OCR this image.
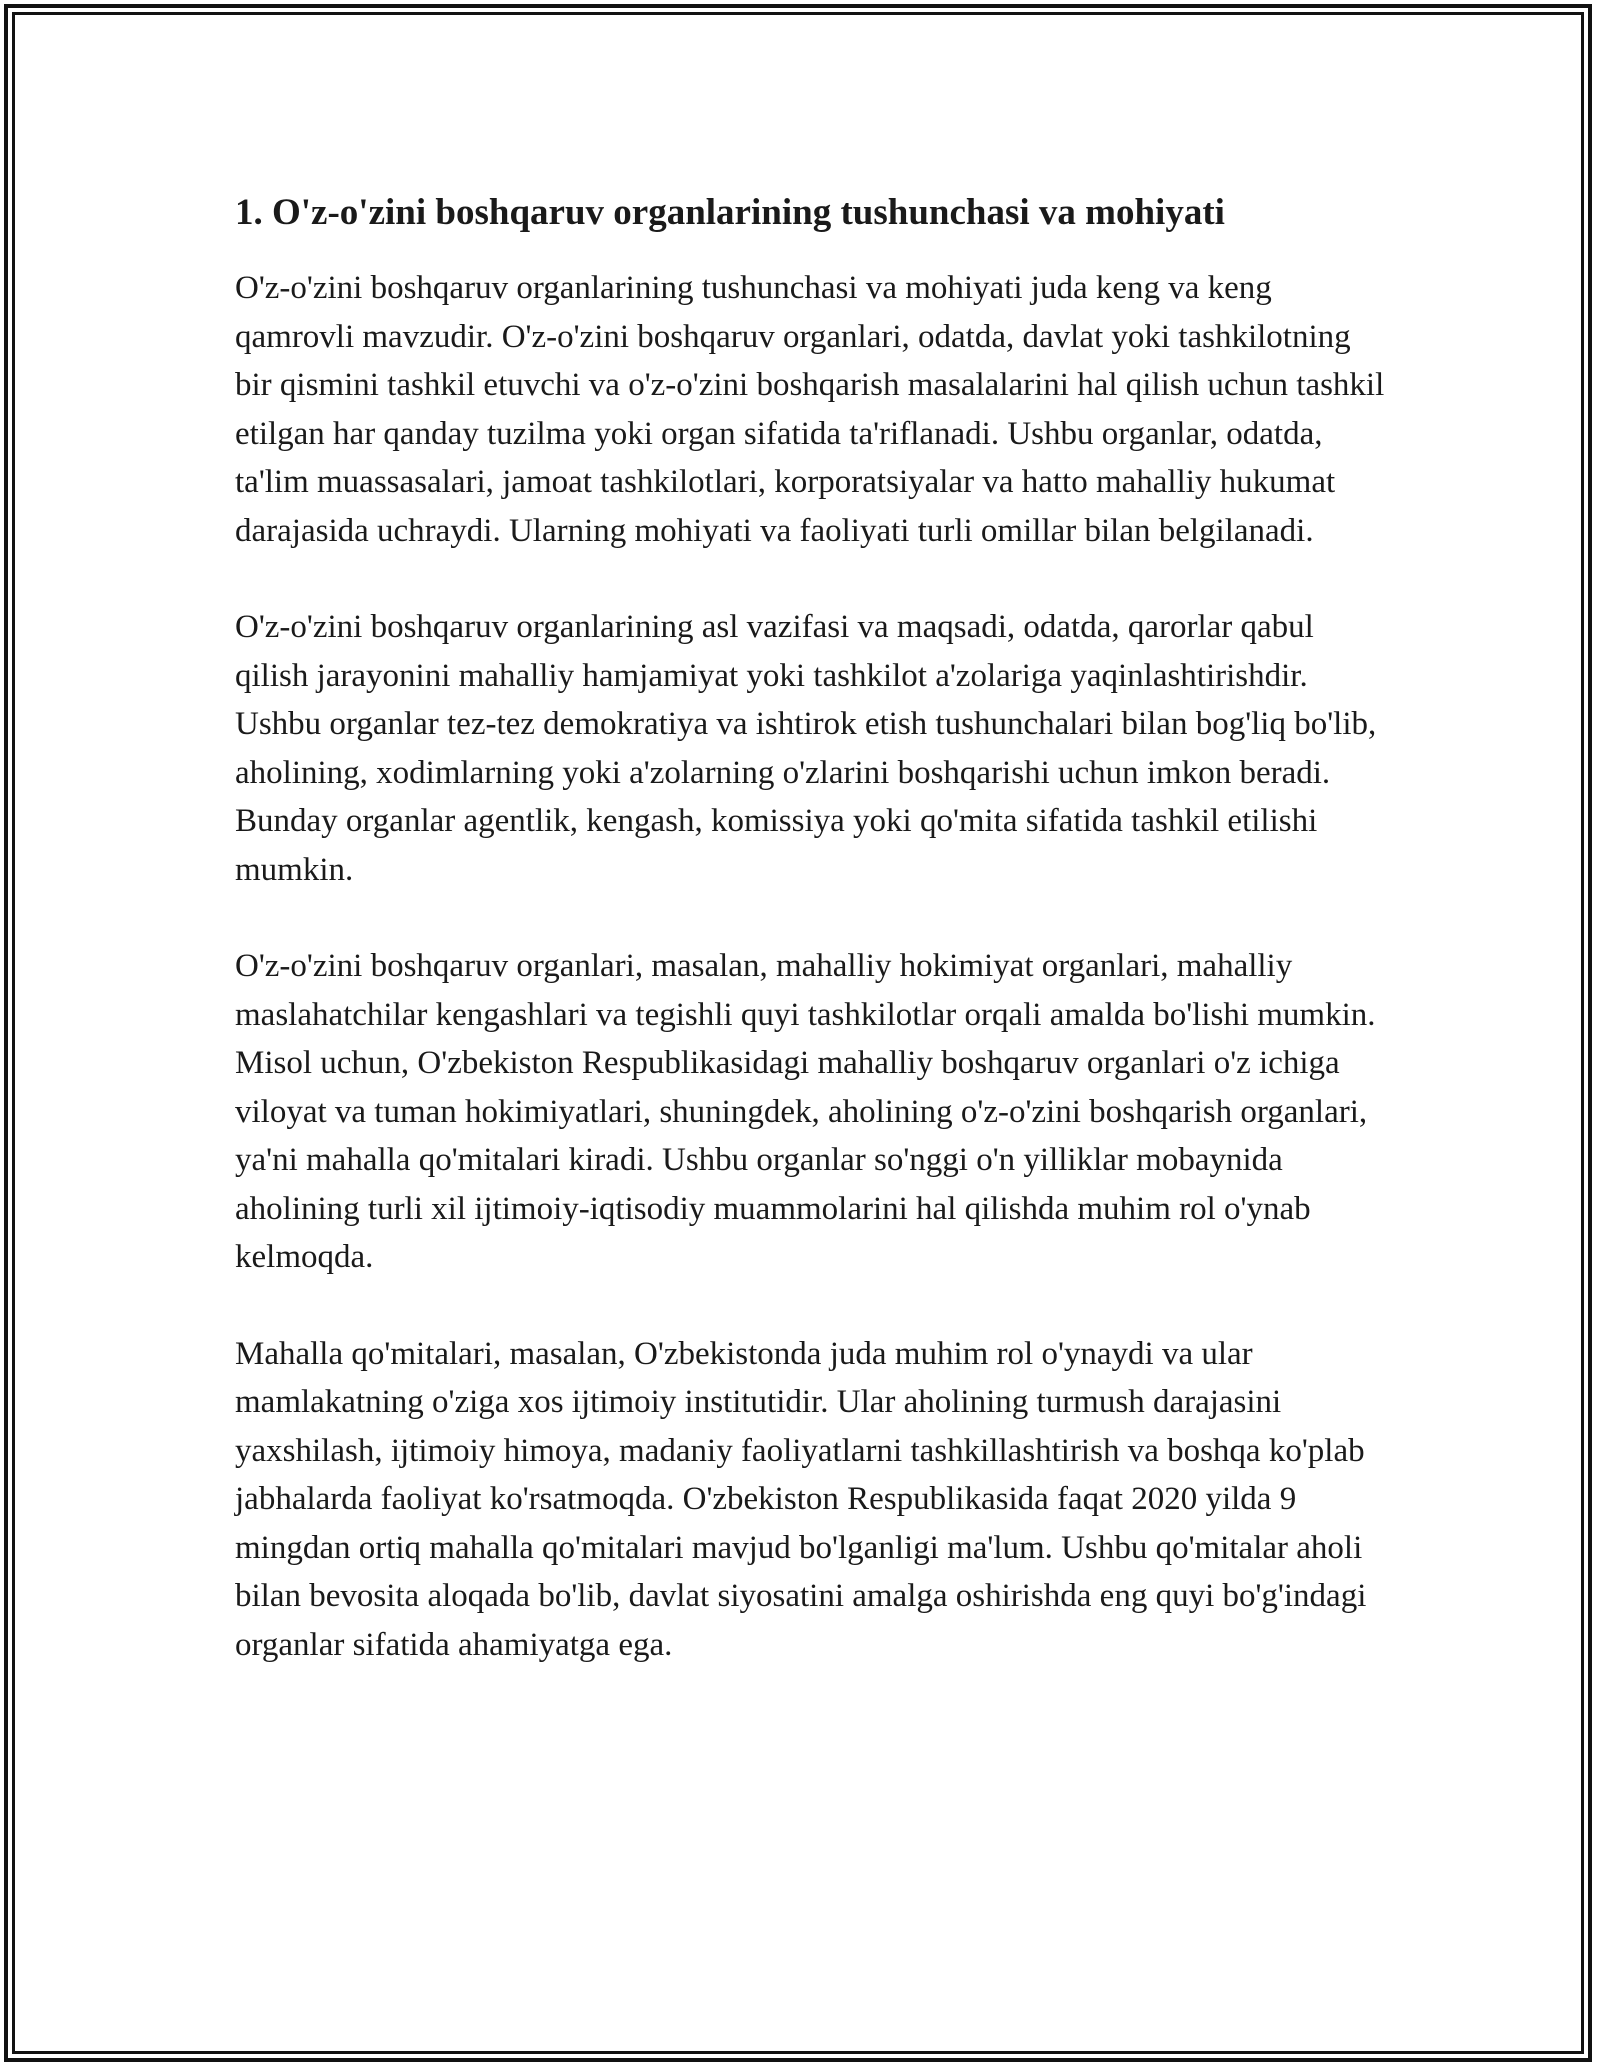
1. O'z-o'zini boshqaruv organlarining tushunchasi va mohiyati

O'z-o'zini boshqaruv organlarining tushunchasi va mohiyati juda keng va keng qamrovli mavzudir. O'z-o'zini boshqaruv organlari, odatda, davlat yoki tashkilotning bir qismini tashkil etuvchi va o'z-o'zini boshqarish masalalarini hal qilish uchun tashkil etilgan har qanday tuzilma yoki organ sifatida ta'riflanadi. Ushbu organlar, odatda, ta'lim muassasalari, jamoat tashkilotlari, korporatsiyalar va hatto mahalliy hukumat darajasida uchraydi. Ularning mohiyati va faoliyati turli omillar bilan belgilanadi.

O'z-o'zini boshqaruv organlarining asl vazifasi va maqsadi, odatda, qarorlar qabul qilish jarayonini mahalliy hamjamiyat yoki tashkilot a'zolariga yaqinlashtirishdir. Ushbu organlar tez-tez demokratiya va ishtirok etish tushunchalari bilan bog'liq bo'lib, aholining, xodimlarning yoki a'zolarning o'zlarini boshqarishi uchun imkon beradi. Bunday organlar agentlik, kengash, komissiya yoki qo'mita sifatida tashkil etilishi mumkin.

O'z-o'zini boshqaruv organlari, masalan, mahalliy hokimiyat organlari, mahalliy maslahatchilar kengashlari va tegishli quyi tashkilotlar orqali amalda bo'lishi mumkin. Misol uchun, O'zbekiston Respublikasidagi mahalliy boshqaruv organlari o'z ichiga viloyat va tuman hokimiyatlari, shuningdek, aholining o'z-o'zini boshqarish organlari, ya'ni mahalla qo'mitalari kiradi. Ushbu organlar so'nggi o'n yilliklar mobaynida aholining turli xil ijtimoiy-iqtisodiy muammolarini hal qilishda muhim rol o'ynab kelmoqda.

Mahalla qo'mitalari, masalan, O'zbekistonda juda muhim rol o'ynaydi va ular mamlakatning o'ziga xos ijtimoiy institutidir. Ular aholining turmush darajasini yaxshilash, ijtimoiy himoya, madaniy faoliyatlarni tashkillashtirish va boshqa ko'plab jabhalarda faoliyat ko'rsatmoqda. O'zbekiston Respublikasida faqat 2020 yilda 9 mingdan ortiq mahalla qo'mitalari mavjud bo'lganligi ma'lum. Ushbu qo'mitalar aholi bilan bevosita aloqada bo'lib, davlat siyosatini amalga oshirishda eng quyi bo'g'indagi organlar sifatida ahamiyatga ega.
